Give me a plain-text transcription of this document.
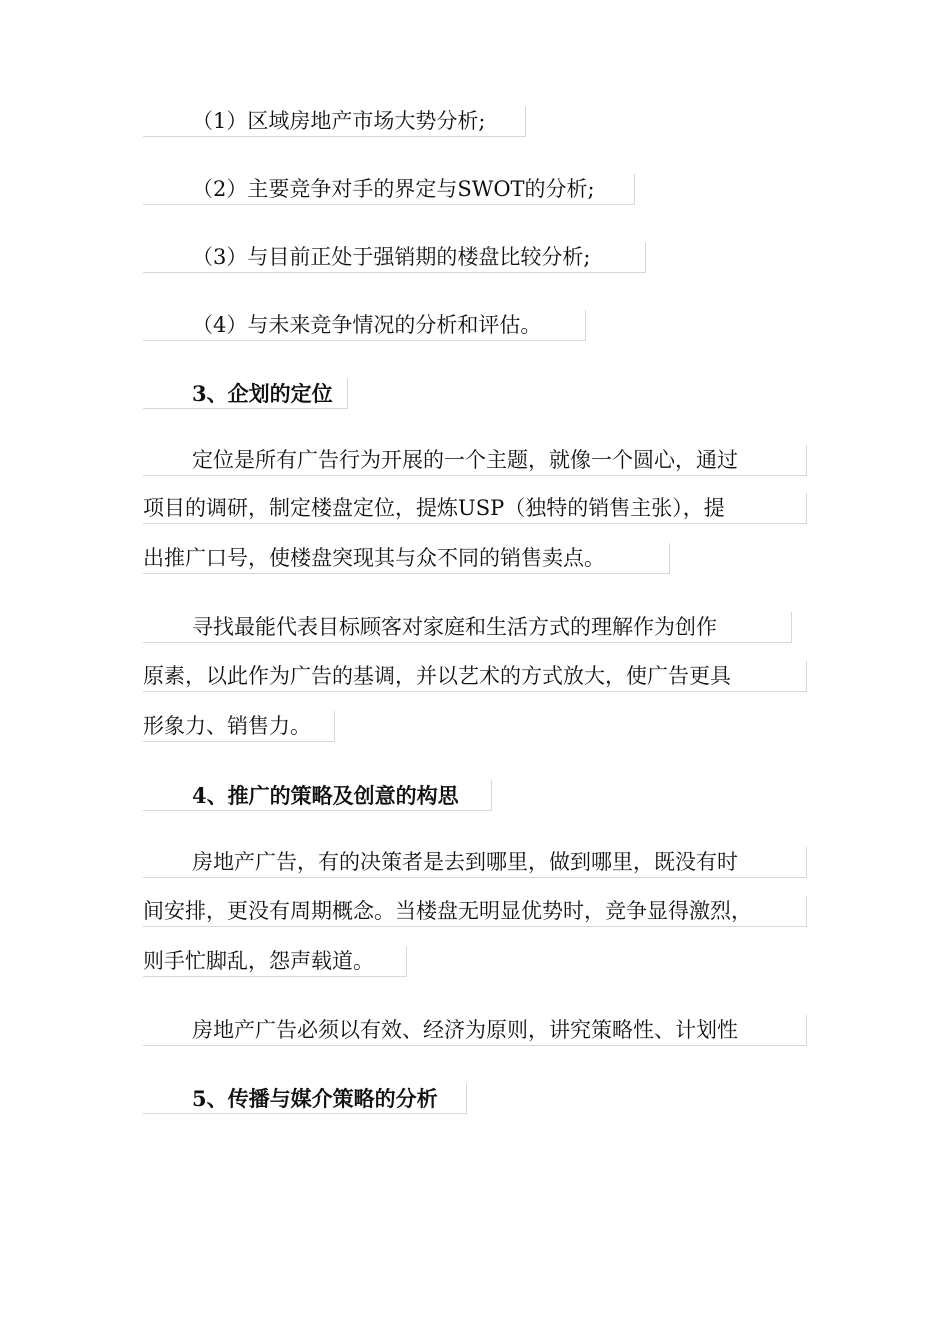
（1）区域房地产市场大势分析;
（2）主要竞争对手的界定与SWOT的分析;
（3）与目前正处于强销期的楼盘比较分析;
（4）与未来竞争情况的分析和评估。
3、企划的定位
定位是所有广告行为开展的一个主题，就像一个圆心，通过
项目的调研，制定楼盘定位，提炼USP（独特的销售主张），提
出推广口号，使楼盘突现其与众不同的销售卖点。
寻找最能代表目标顾客对家庭和生活方式的理解作为创作
原素，以此作为广告的基调，并以艺术的方式放大，使广告更具
形象力、销售力。
4、推广的策略及创意的构思
房地产广告，有的决策者是去到哪里，做到哪里，既没有时
间安排，更没有周期概念。当楼盘无明显优势时，竞争显得激烈，
则手忙脚乱，怨声载道。
房地产广告必须以有效、经济为原则，讲究策略性、计划性
5、传播与媒介策略的分析
